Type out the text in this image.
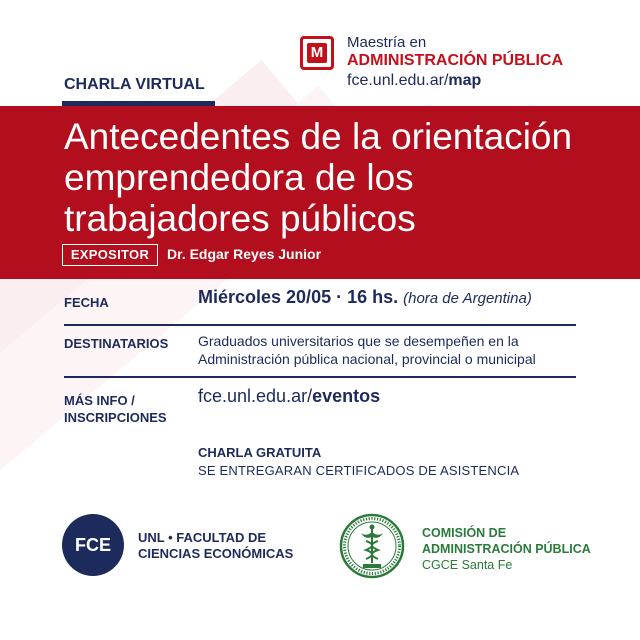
M
Maestría en
ADMINISTRACIÓN PÚBLICA
fce.unl.edu.ar/map
CHARLA VIRTUAL
Antecedentes de la orientación emprendedora de los trabajadores públicos
EXPOSITOR	Dr. Edgar Reyes Junior
FECHA	Miércoles 20/05 · 16 hs. (hora de Argentina)
DESTINATARIOS Graduados universitarios que se desempeñen en la Administración pública nacional, provincial o municipal
MÁS INFO /
INSCRIPCIONES
fce.unl.edu.ar/eventos
CHARLA GRATUITA
SE ENTREGARAN CERTIFICADOS DE ASISTENCIA
FCE	UNL • FACULTAD DE
CIENCIAS ECONÓMICAS
COMISIÓN DE
ADMINISTRACIÓN PÚBLICA
CGCE Santa Fe
